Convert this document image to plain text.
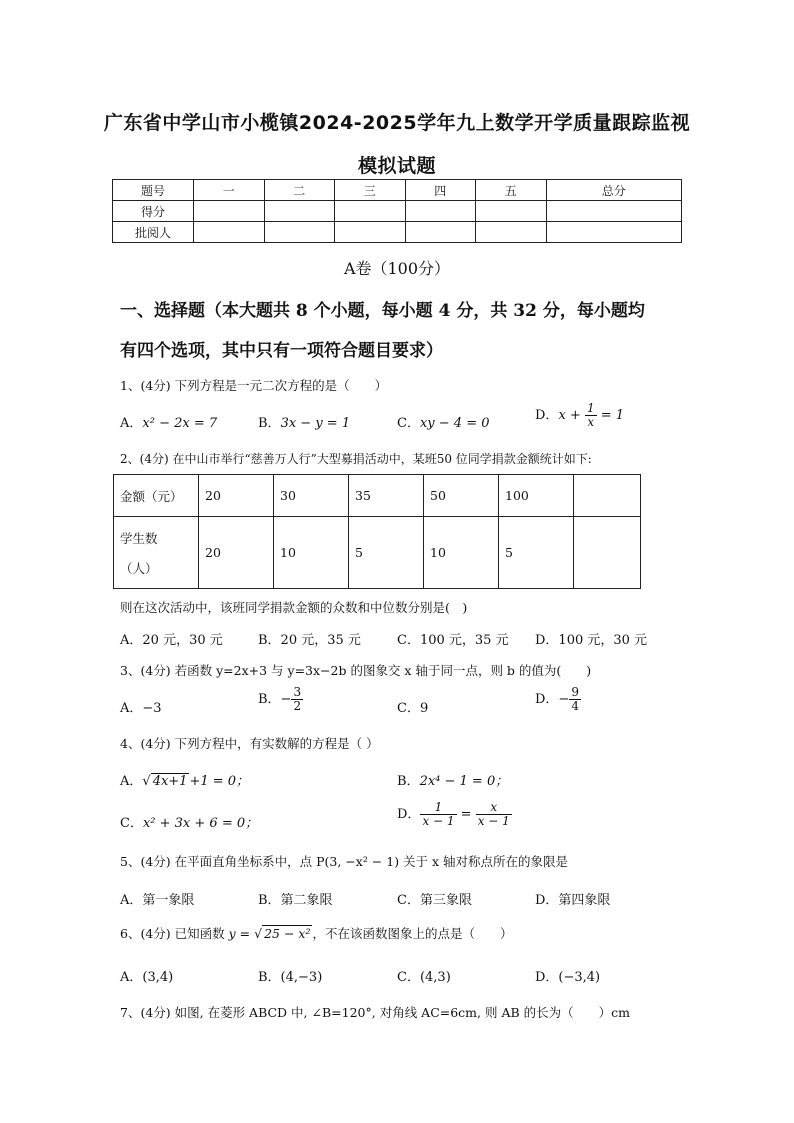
广东省中学山市小榄镇2024-2025学年九上数学开学质量跟踪监视
模拟试题
题号	一	二	三	四	五	总分
得分						
批阅人						
A卷（100分）
一、选择题（本大题共 8 个小题，每小题 4 分，共 32 分，每小题均
有四个选项，其中只有一项符合题目要求）
1、(4分) 下列方程是一元二次方程的是（　　）
A．x² − 2x = 7	B．3x − y = 1	C．xy − 4 = 0
D．$x + \frac{1}{x} = 1$
2、(4分) 在中山市举行“慈善万人行”大型募捐活动中，某班50 位同学捐款金额统计如下:
金额（元）	20	30	35	50	100	

学生数
（人）	20	10	5	10	5	
则在这次活动中，该班同学捐款金额的众数和中位数分别是(　)
A．20 元，30 元	B．20 元，35 元	C．100 元，35 元 D．100 元，30 元
3、(4分) 若函数 y=2x+3 与 y=3x−2b 的图象交 x 轴于同一点，则 b 的值为(　　)
A．−3
B．− $\frac{3}{2}$	C．9
D．− $\frac{9}{4}$
4、(4分) 下列方程中，有实数解的方程是（ ）
A．√ 4x+1 +1 = 0；	B．2x⁴ − 1 = 0；
C．x² + 3x + 6 = 0；
D． $\frac{1}{x - 1} = \frac{x}{x - 1}$
5、(4分) 在平面直角坐标系中，点 P(3, −x² − 1) 关于 x 轴对称点所在的象限是
A．第一象限	B．第二象限	C．第三象限	D．第四象限
6、(4分) 已知函数 y = √ 25 − x² ，不在该函数图象上的点是（　　）
A．(3,4)	B．(4,−3)	C．(4,3)	D．(−3,4)
7、(4分) 如图, 在菱形 ABCD 中, ∠B=120°, 对角线 AC=6cm, 则 AB 的长为（　　）cm
